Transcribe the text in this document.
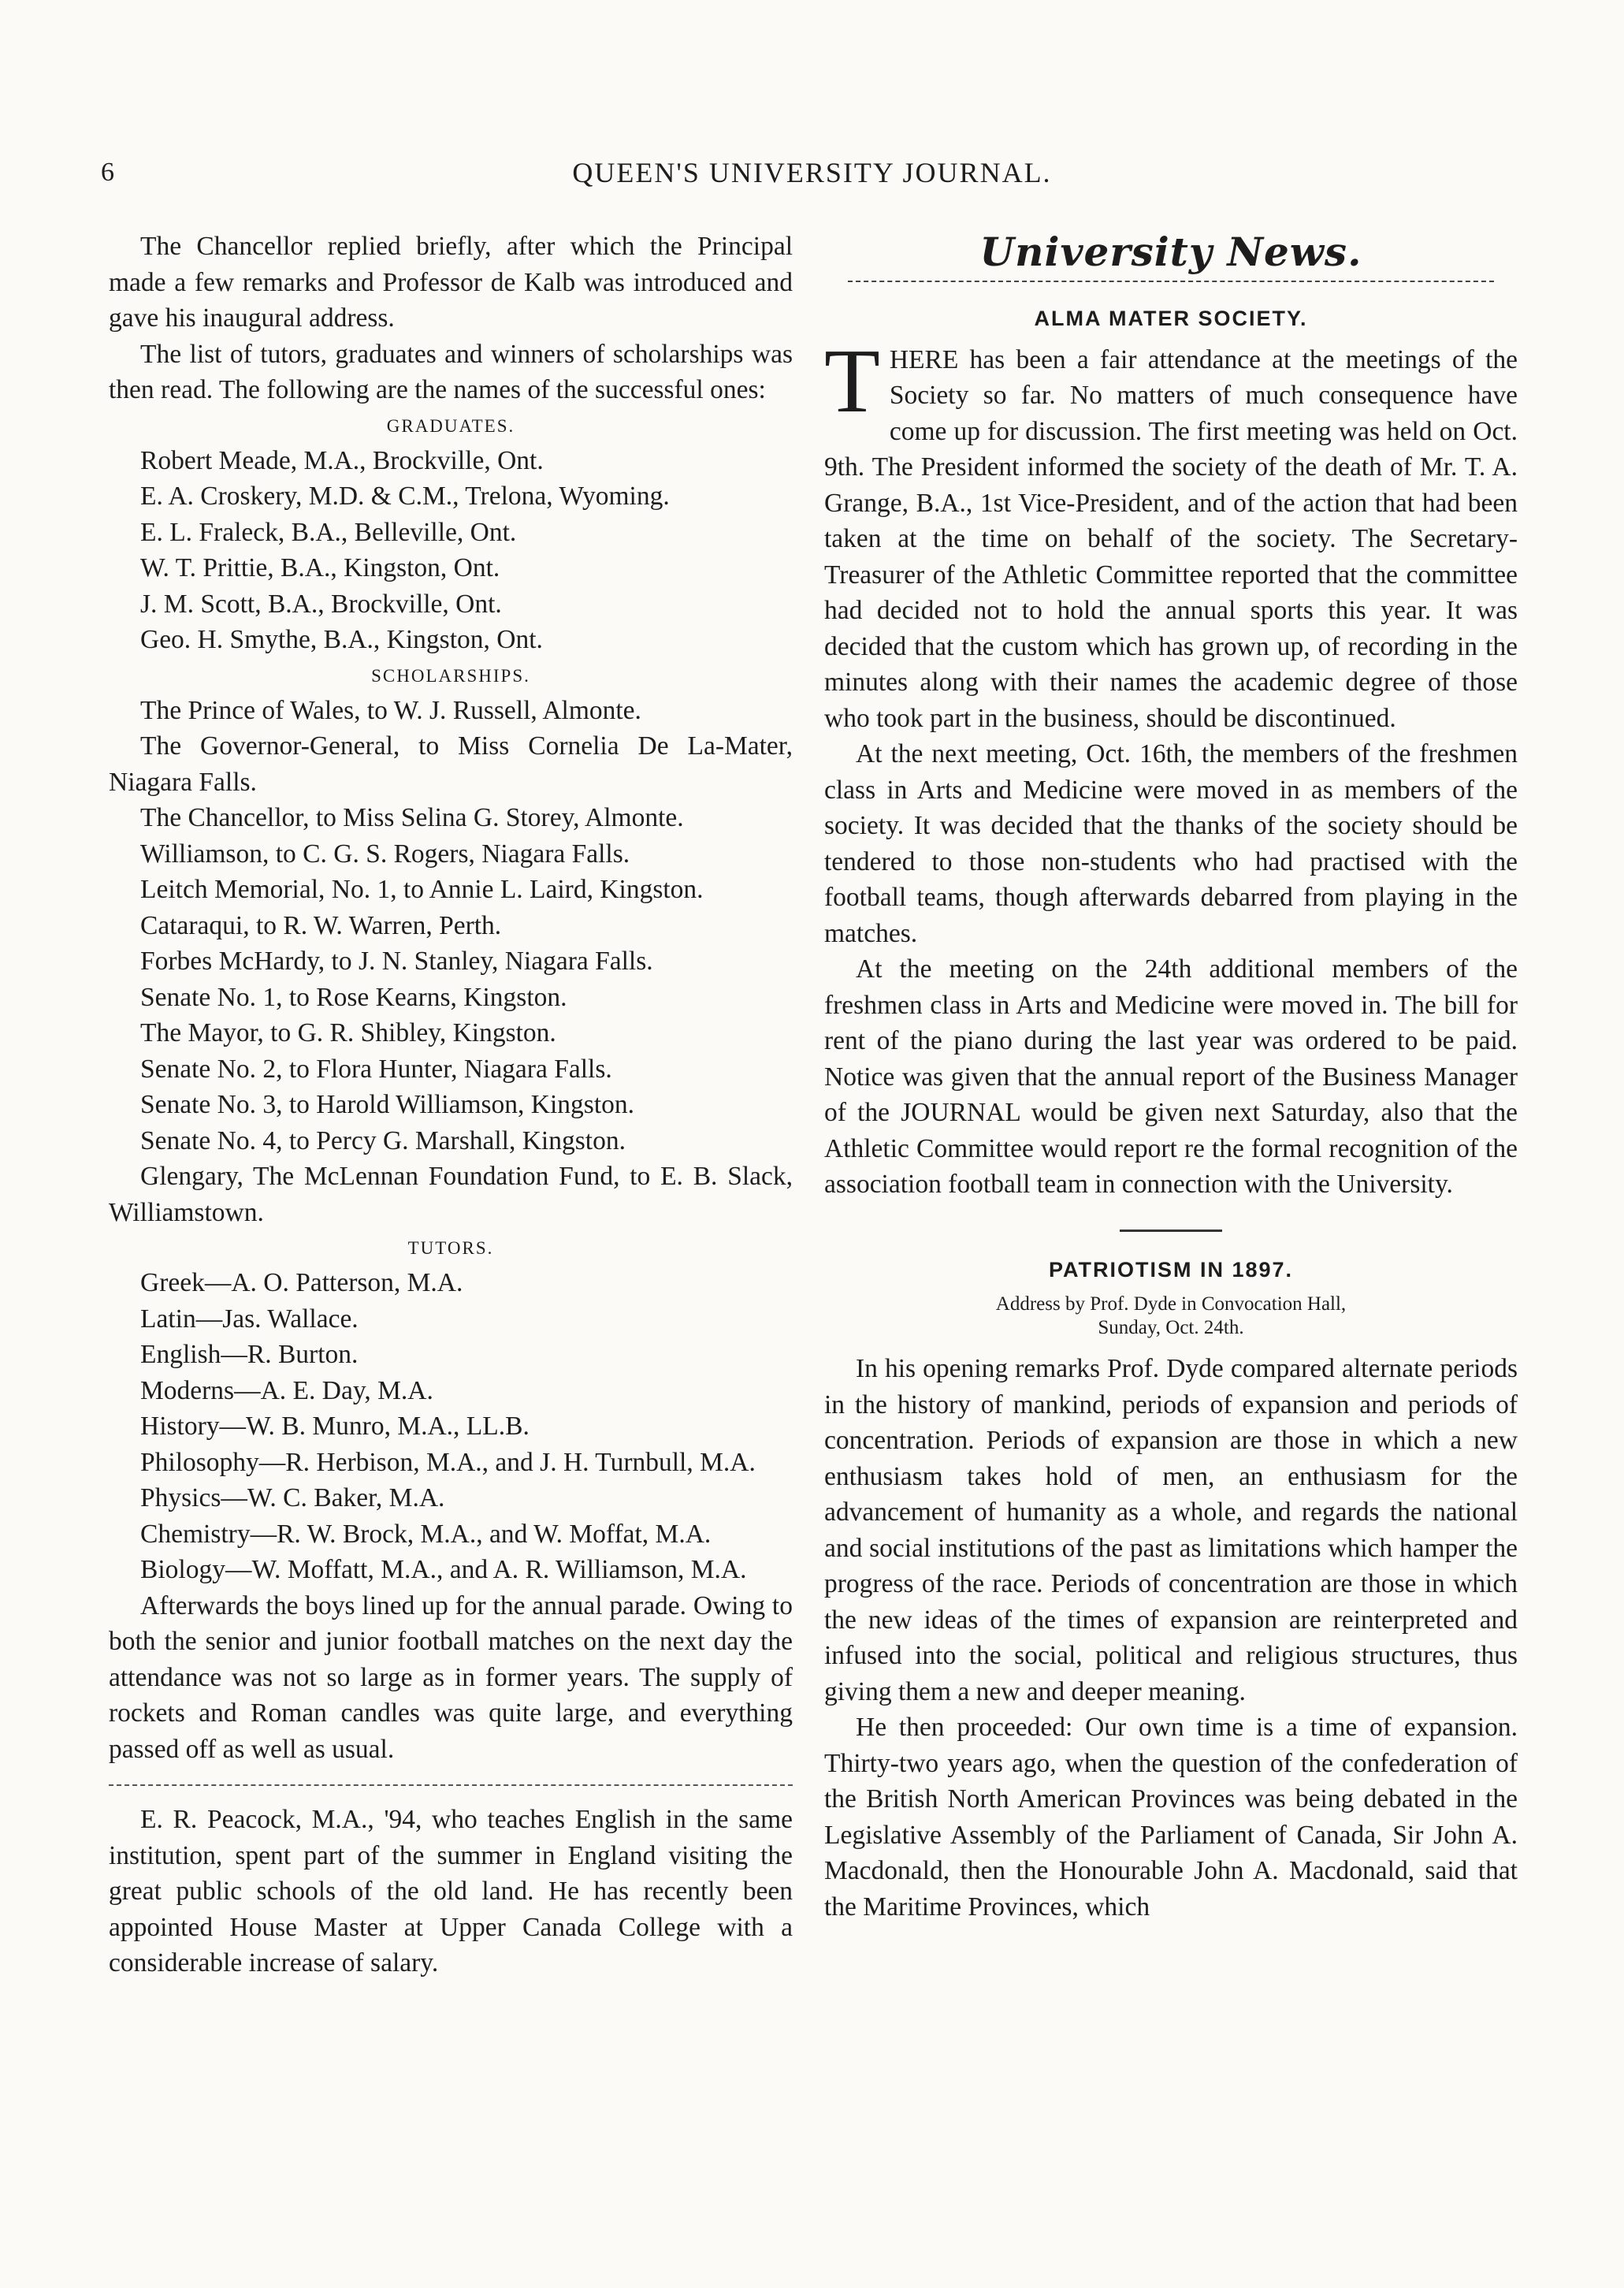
6	QUEEN'S UNIVERSITY JOURNAL.

The Chancellor replied briefly, after which the Principal made a few remarks and Professor de Kalb was introduced and gave his inaugural address.

The list of tutors, graduates and winners of scholarships was then read. The following are the names of the successful ones:

GRADUATES.

Robert Meade, M.A., Brockville, Ont.

E. A. Croskery, M.D. & C.M., Trelona, Wyoming.

E. L. Fraleck, B.A., Belleville, Ont.

W. T. Prittie, B.A., Kingston, Ont.

J. M. Scott, B.A., Brockville, Ont.

Geo. H. Smythe, B.A., Kingston, Ont.

SCHOLARSHIPS.

The Prince of Wales, to W. J. Russell, Almonte.

The Governor-General, to Miss Cornelia De La-Mater, Niagara Falls.

The Chancellor, to Miss Selina G. Storey, Almonte.

Williamson, to C. G. S. Rogers, Niagara Falls.

Leitch Memorial, No. 1, to Annie L. Laird, Kingston.

Cataraqui, to R. W. Warren, Perth.

Forbes McHardy, to J. N. Stanley, Niagara Falls.

Senate No. 1, to Rose Kearns, Kingston.

The Mayor, to G. R. Shibley, Kingston.

Senate No. 2, to Flora Hunter, Niagara Falls.

Senate No. 3, to Harold Williamson, Kingston.

Senate No. 4, to Percy G. Marshall, Kingston.

Glengary, The McLennan Foundation Fund, to E. B. Slack, Williamstown.

TUTORS.

Greek—A. O. Patterson, M.A.

Latin—Jas. Wallace.

English—R. Burton.

Moderns—A. E. Day, M.A.

History—W. B. Munro, M.A., LL.B.

Philosophy—R. Herbison, M.A., and J. H. Turnbull, M.A.

Physics—W. C. Baker, M.A.

Chemistry—R. W. Brock, M.A., and W. Moffat, M.A.

Biology—W. Moffatt, M.A., and A. R. Williamson, M.A.

Afterwards the boys lined up for the annual parade. Owing to both the senior and junior football matches on the next day the attendance was not so large as in former years. The supply of rockets and Roman candles was quite large, and everything passed off as well as usual.

E. R. Peacock, M.A., '94, who teaches English in the same institution, spent part of the summer in England visiting the great public schools of the old land. He has recently been appointed House Master at Upper Canada College with a considerable increase of salary.

University News.
ALMA MATER SOCIETY.

THERE has been a fair attendance at the meetings of the Society so far. No matters of much consequence have come up for discussion. The first meeting was held on Oct. 9th. The President informed the society of the death of Mr. T. A. Grange, B.A., 1st Vice-President, and of the action that had been taken at the time on behalf of the society. The Secretary-Treasurer of the Athletic Committee reported that the committee had decided not to hold the annual sports this year. It was decided that the custom which has grown up, of recording in the minutes along with their names the academic degree of those who took part in the business, should be discontinued.

At the next meeting, Oct. 16th, the members of the freshmen class in Arts and Medicine were moved in as members of the society. It was decided that the thanks of the society should be tendered to those non-students who had practised with the football teams, though afterwards debarred from playing in the matches.

At the meeting on the 24th additional members of the freshmen class in Arts and Medicine were moved in. The bill for rent of the piano during the last year was ordered to be paid. Notice was given that the annual report of the Business Manager of the JOURNAL would be given next Saturday, also that the Athletic Committee would report re the formal recognition of the association football team in connection with the University.

PATRIOTISM IN 1897.
Address by Prof. Dyde in Convocation Hall,
Sunday, Oct. 24th.

In his opening remarks Prof. Dyde compared alternate periods in the history of mankind, periods of expansion and periods of concentration. Periods of expansion are those in which a new enthusiasm takes hold of men, an enthusiasm for the advancement of humanity as a whole, and regards the national and social institutions of the past as limitations which hamper the progress of the race. Periods of concentration are those in which the new ideas of the times of expansion are reinterpreted and infused into the social, political and religious structures, thus giving them a new and deeper meaning.

He then proceeded: Our own time is a time of expansion. Thirty-two years ago, when the question of the confederation of the British North American Provinces was being debated in the Legislative Assembly of the Parliament of Canada, Sir John A. Macdonald, then the Honourable John A. Macdonald, said that the Maritime Provinces, which
